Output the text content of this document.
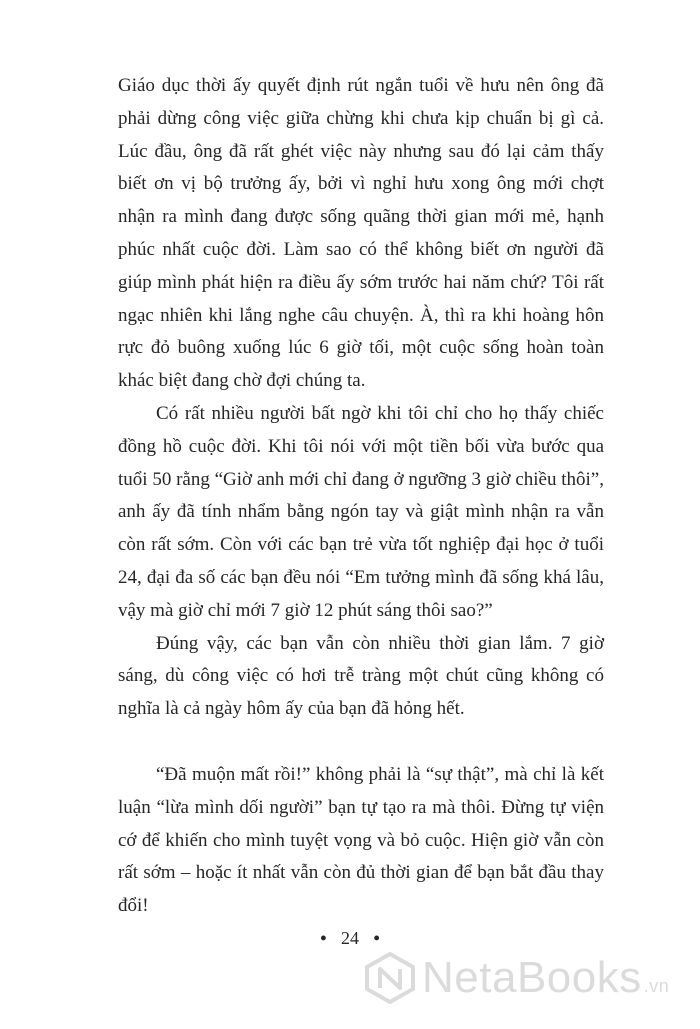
Giáo dục thời ấy quyết định rút ngắn tuổi về hưu nên ông đã phải dừng công việc giữa chừng khi chưa kịp chuẩn bị gì cả. Lúc đầu, ông đã rất ghét việc này nhưng sau đó lại cảm thấy biết ơn vị bộ trưởng ấy, bởi vì nghỉ hưu xong ông mới chợt nhận ra mình đang được sống quãng thời gian mới mẻ, hạnh phúc nhất cuộc đời. Làm sao có thể không biết ơn người đã giúp mình phát hiện ra điều ấy sớm trước hai năm chứ? Tôi rất ngạc nhiên khi lắng nghe câu chuyện. À, thì ra khi hoàng hôn rực đỏ buông xuống lúc 6 giờ tối, một cuộc sống hoàn toàn khác biệt đang chờ đợi chúng ta.

Có rất nhiều người bất ngờ khi tôi chỉ cho họ thấy chiếc đồng hồ cuộc đời. Khi tôi nói với một tiền bối vừa bước qua tuổi 50 rằng “Giờ anh mới chỉ đang ở ngưỡng 3 giờ chiều thôi”, anh ấy đã tính nhẩm bằng ngón tay và giật mình nhận ra vẫn còn rất sớm. Còn với các bạn trẻ vừa tốt nghiệp đại học ở tuổi 24, đại đa số các bạn đều nói “Em tưởng mình đã sống khá lâu, vậy mà giờ chỉ mới 7 giờ 12 phút sáng thôi sao?”

Đúng vậy, các bạn vẫn còn nhiều thời gian lắm. 7 giờ sáng, dù công việc có hơi trễ tràng một chút cũng không có nghĩa là cả ngày hôm ấy của bạn đã hỏng hết.

“Đã muộn mất rồi!” không phải là “sự thật”, mà chỉ là kết luận “lừa mình dối người” bạn tự tạo ra mà thôi. Đừng tự viện cớ để khiến cho mình tuyệt vọng và bỏ cuộc. Hiện giờ vẫn còn rất sớm – hoặc ít nhất vẫn còn đủ thời gian để bạn bắt đầu thay đổi!

• 24 •
NetaBooks .vn
